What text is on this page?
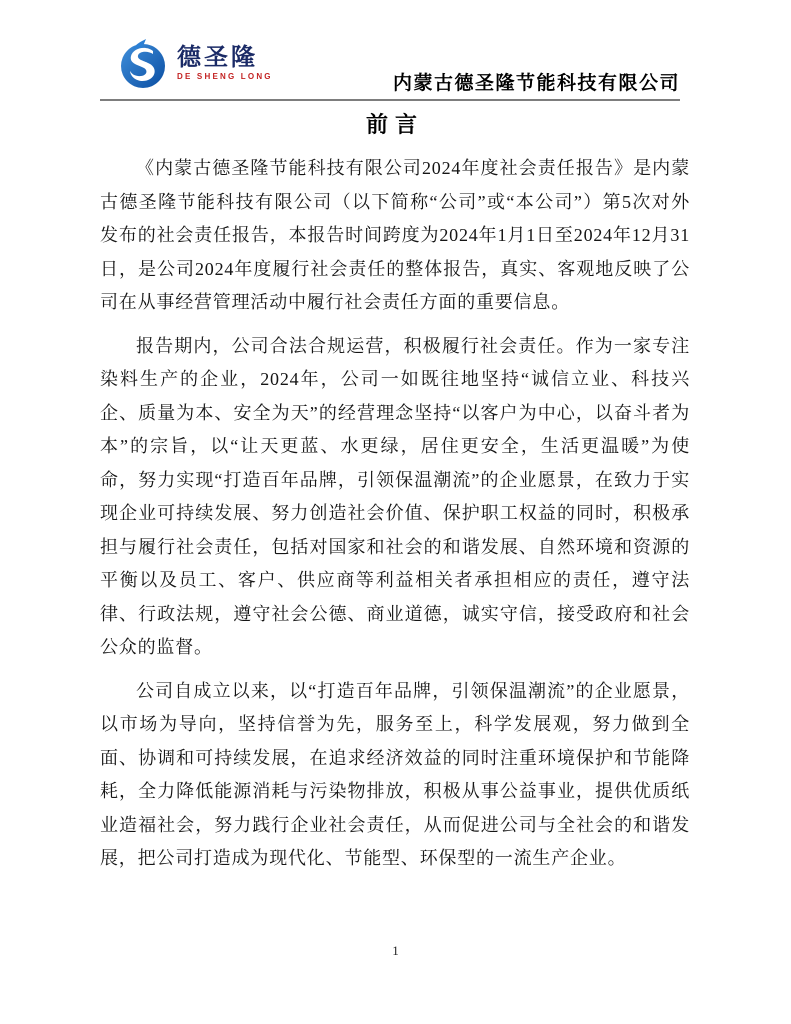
德圣隆
DE SHENG LONG	内蒙古德圣隆节能科技有限公司
前言

《内蒙古德圣隆节能科技有限公司2024年度社会责任报告》是内蒙古德圣隆节能科技有限公司（以下简称“公司”或“本公司”）第5次对外发布的社会责任报告，本报告时间跨度为2024年1月1日至2024年12月31日，是公司2024年度履行社会责任的整体报告，真实、客观地反映了公司在从事经营管理活动中履行社会责任方面的重要信息。

报告期内，公司合法合规运营，积极履行社会责任。作为一家专注染料生产的企业，2024年，公司一如既往地坚持“诚信立业、科技兴企、质量为本、安全为天”的经营理念坚持“以客户为中心，以奋斗者为本”的宗旨，以“让天更蓝、水更绿，居住更安全，生活更温暖”为使命，努力实现“打造百年品牌，引领保温潮流”的企业愿景，在致力于实现企业可持续发展、努力创造社会价值、保护职工权益的同时，积极承担与履行社会责任，包括对国家和社会的和谐发展、自然环境和资源的平衡以及员工、客户、供应商等利益相关者承担相应的责任，遵守法律、行政法规，遵守社会公德、商业道德，诚实守信，接受政府和社会公众的监督。

公司自成立以来，以“打造百年品牌，引领保温潮流”的企业愿景，以市场为导向，坚持信誉为先，服务至上，科学发展观，努力做到全面、协调和可持续发展，在追求经济效益的同时注重环境保护和节能降耗，全力降低能源消耗与污染物排放，积极从事公益事业，提供优质纸业造福社会，努力践行企业社会责任，从而促进公司与全社会的和谐发展，把公司打造成为现代化、节能型、环保型的一流生产企业。

1
